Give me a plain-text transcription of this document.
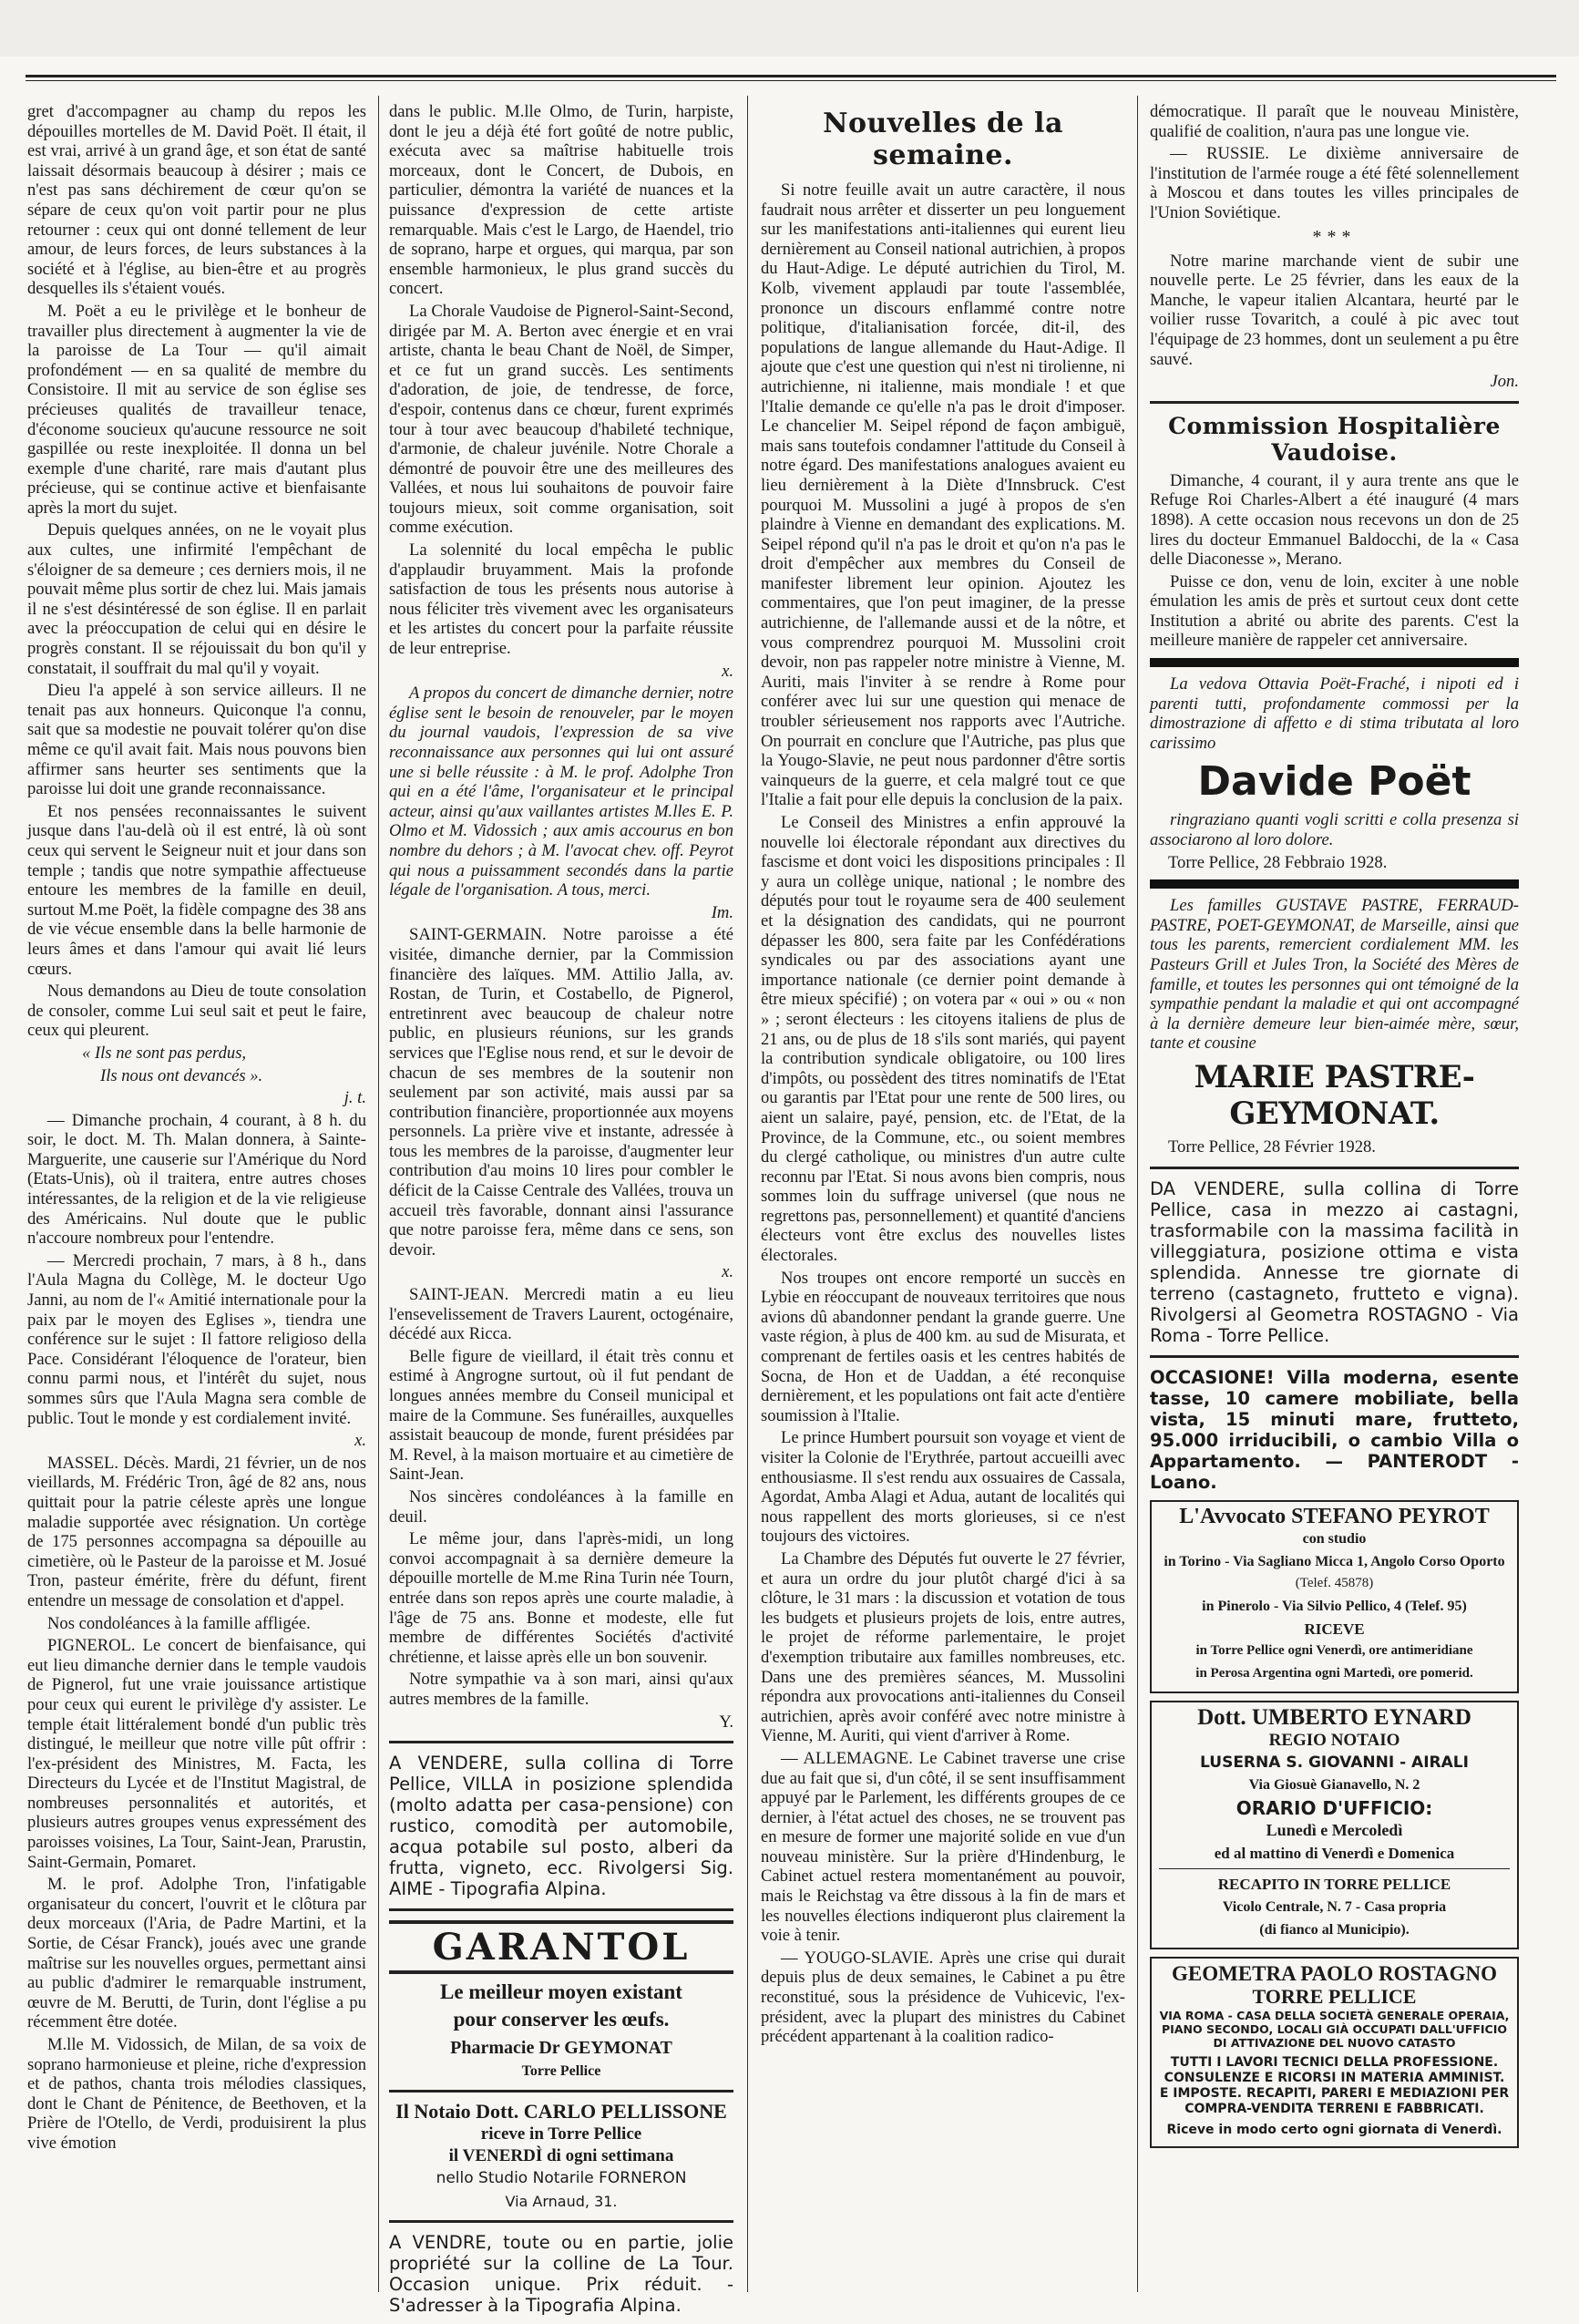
gret d'accompagner au champ du repos les dépouilles mortelles de M. David Poët. Il était, il est vrai, arrivé à un grand âge, et son état de santé laissait désormais beaucoup à désirer ; mais ce n'est pas sans déchirement de cœur qu'on se sépare de ceux qu'on voit partir pour ne plus retourner : ceux qui ont donné tellement de leur amour, de leurs forces, de leurs substances à la société et à l'église, au bien-être et au progrès desquelles ils s'étaient voués.

M. Poët a eu le privilège et le bonheur de travailler plus directement à augmenter la vie de la paroisse de La Tour — qu'il aimait profondément — en sa qualité de membre du Consistoire. Il mit au service de son église ses précieuses qualités de travailleur tenace, d'économe soucieux qu'aucune ressource ne soit gaspillée ou reste inexploitée. Il donna un bel exemple d'une charité, rare mais d'autant plus précieuse, qui se continue active et bienfaisante après la mort du sujet.

Depuis quelques années, on ne le voyait plus aux cultes, une infirmité l'empêchant de s'éloigner de sa demeure ; ces derniers mois, il ne pouvait même plus sortir de chez lui. Mais jamais il ne s'est désintéressé de son église. Il en parlait avec la préoccupation de celui qui en désire le progrès constant. Il se réjouissait du bon qu'il y constatait, il souffrait du mal qu'il y voyait.

Dieu l'a appelé à son service ailleurs. Il ne tenait pas aux honneurs. Quiconque l'a connu, sait que sa modestie ne pouvait tolérer qu'on dise même ce qu'il avait fait. Mais nous pouvons bien affirmer sans heurter ses sentiments que la paroisse lui doit une grande reconnaissance.

Et nos pensées reconnaissantes le suivent jusque dans l'au-delà où il est entré, là où sont ceux qui servent le Seigneur nuit et jour dans son temple ; tandis que notre sympathie affectueuse entoure les membres de la famille en deuil, surtout M.me Poët, la fidèle compagne des 38 ans de vie vécue ensemble dans la belle harmonie de leurs âmes et dans l'amour qui avait lié leurs cœurs.

Nous demandons au Dieu de toute consolation de consoler, comme Lui seul sait et peut le faire, ceux qui pleurent.

« Ils ne sont pas perdus,

Ils nous ont devancés ».

j. t.

— Dimanche prochain, 4 courant, à 8 h. du soir, le doct. M. Th. Malan donnera, à Sainte-Marguerite, une causerie sur l'Amérique du Nord (Etats-Unis), où il traitera, entre autres choses intéressantes, de la religion et de la vie religieuse des Américains. Nul doute que le public n'accoure nombreux pour l'entendre.

— Mercredi prochain, 7 mars, à 8 h., dans l'Aula Magna du Collège, M. le docteur Ugo Janni, au nom de l'« Amitié internationale pour la paix par le moyen des Eglises », tiendra une conférence sur le sujet : Il fattore religioso della Pace. Considérant l'éloquence de l'orateur, bien connu parmi nous, et l'intérêt du sujet, nous sommes sûrs que l'Aula Magna sera comble de public. Tout le monde y est cordialement invité.

x.

MASSEL. Décès. Mardi, 21 février, un de nos vieillards, M. Frédéric Tron, âgé de 82 ans, nous quittait pour la patrie céleste après une longue maladie supportée avec résignation. Un cortège de 175 personnes accompagna sa dépouille au cimetière, où le Pasteur de la paroisse et M. Josué Tron, pasteur émérite, frère du défunt, firent entendre un message de consolation et d'appel.

Nos condoléances à la famille affligée.

PIGNEROL. Le concert de bienfaisance, qui eut lieu dimanche dernier dans le temple vaudois de Pignerol, fut une vraie jouissance artistique pour ceux qui eurent le privilège d'y assister. Le temple était littéralement bondé d'un public très distingué, le meilleur que notre ville pût offrir : l'ex-président des Ministres, M. Facta, les Directeurs du Lycée et de l'Institut Magistral, de nombreuses personnalités et autorités, et plusieurs autres groupes venus expressément des paroisses voisines, La Tour, Saint-Jean, Prarustin, Saint-Germain, Pomaret.

M. le prof. Adolphe Tron, l'infatigable organisateur du concert, l'ouvrit et le clôtura par deux morceaux (l'Aria, de Padre Martini, et la Sortie, de César Franck), joués avec une grande maîtrise sur les nouvelles orgues, permettant ainsi au public d'admirer le remarquable instrument, œuvre de M. Berutti, de Turin, dont l'église a pu récemment être dotée.

M.lle M. Vidossich, de Milan, de sa voix de soprano harmonieuse et pleine, riche d'expression et de pathos, chanta trois mélodies classiques, dont le Chant de Pénitence, de Beethoven, et la Prière de l'Otello, de Verdi, produisirent la plus vive émotion

dans le public. M.lle Olmo, de Turin, harpiste, dont le jeu a déjà été fort goûté de notre public, exécuta avec sa maîtrise habituelle trois morceaux, dont le Concert, de Dubois, en particulier, démontra la variété de nuances et la puissance d'expression de cette artiste remarquable. Mais c'est le Largo, de Haendel, trio de soprano, harpe et orgues, qui marqua, par son ensemble harmonieux, le plus grand succès du concert.

La Chorale Vaudoise de Pignerol-Saint-Second, dirigée par M. A. Berton avec énergie et en vrai artiste, chanta le beau Chant de Noël, de Simper, et ce fut un grand succès. Les sentiments d'adoration, de joie, de tendresse, de force, d'espoir, contenus dans ce chœur, furent exprimés tour à tour avec beaucoup d'habileté technique, d'armonie, de chaleur juvénile. Notre Chorale a démontré de pouvoir être une des meilleures des Vallées, et nous lui souhaitons de pouvoir faire toujours mieux, soit comme organisation, soit comme exécution.

La solennité du local empêcha le public d'applaudir bruyamment. Mais la profonde satisfaction de tous les présents nous autorise à nous féliciter très vivement avec les organisateurs et les artistes du concert pour la parfaite réussite de leur entreprise.

x.

A propos du concert de dimanche dernier, notre église sent le besoin de renouveler, par le moyen du journal vaudois, l'expression de sa vive reconnaissance aux personnes qui lui ont assuré une si belle réussite : à M. le prof. Adolphe Tron qui en a été l'âme, l'organisateur et le principal acteur, ainsi qu'aux vaillantes artistes M.lles E. P. Olmo et M. Vidossich ; aux amis accourus en bon nombre du dehors ; à M. l'avocat chev. off. Peyrot qui nous a puissamment secondés dans la partie légale de l'organisation. A tous, merci.

Im.

SAINT-GERMAIN. Notre paroisse a été visitée, dimanche dernier, par la Commission financière des laïques. MM. Attilio Jalla, av. Rostan, de Turin, et Costabello, de Pignerol, entretinrent avec beaucoup de chaleur notre public, en plusieurs réunions, sur les grands services que l'Eglise nous rend, et sur le devoir de chacun de ses membres de la soutenir non seulement par son activité, mais aussi par sa contribution financière, proportionnée aux moyens personnels. La prière vive et instante, adressée à tous les membres de la paroisse, d'augmenter leur contribution d'au moins 10 lires pour combler le déficit de la Caisse Centrale des Vallées, trouva un accueil très favorable, donnant ainsi l'assurance que notre paroisse fera, même dans ce sens, son devoir.

x.

SAINT-JEAN. Mercredi matin a eu lieu l'ensevelissement de Travers Laurent, octogénaire, décédé aux Ricca.

Belle figure de vieillard, il était très connu et estimé à Angrogne surtout, où il fut pendant de longues années membre du Conseil municipal et maire de la Commune. Ses funérailles, auxquelles assistait beaucoup de monde, furent présidées par M. Revel, à la maison mortuaire et au cimetière de Saint-Jean.

Nos sincères condoléances à la famille en deuil.

Le même jour, dans l'après-midi, un long convoi accompagnait à sa dernière demeure la dépouille mortelle de M.me Rina Turin née Tourn, entrée dans son repos après une courte maladie, à l'âge de 75 ans. Bonne et modeste, elle fut membre de différentes Sociétés d'activité chrétienne, et laisse après elle un bon souvenir.

Notre sympathie va à son mari, ainsi qu'aux autres membres de la famille.

Y.

A VENDERE, sulla collina di Torre Pellice, VILLA in posizione splendida (molto adatta per casa-pensione) con rustico, comodità per automobile, acqua potabile sul posto, alberi da frutta, vigneto, ecc. Rivolgersi Sig. AIME - Tipografia Alpina.

GARANTOL

Le meilleur moyen existant

pour conserver les œufs.

Pharmacie Dr GEYMONAT

Torre Pellice

Il Notaio Dott. CARLO PELLISSONE

riceve in Torre Pellice

il VENERDÌ di ogni settimana

nello Studio Notarile FORNERON

Via Arnaud, 31.

A VENDRE, toute ou en partie, jolie propriété sur la colline de La Tour. Occasion unique. Prix réduit. - S'adresser à la Tipografia Alpina.

Nouvelles de la semaine.

Si notre feuille avait un autre caractère, il nous faudrait nous arrêter et disserter un peu longuement sur les manifestations anti-italiennes qui eurent lieu dernièrement au Conseil national autrichien, à propos du Haut-Adige. Le député autrichien du Tirol, M. Kolb, vivement applaudi par toute l'assemblée, prononce un discours enflammé contre notre politique, d'italianisation forcée, dit-il, des populations de langue allemande du Haut-Adige. Il ajoute que c'est une question qui n'est ni tirolienne, ni autrichienne, ni italienne, mais mondiale ! et que l'Italie demande ce qu'elle n'a pas le droit d'imposer. Le chancelier M. Seipel répond de façon ambiguë, mais sans toutefois condamner l'attitude du Conseil à notre égard. Des manifestations analogues avaient eu lieu dernièrement à la Diète d'Innsbruck. C'est pourquoi M. Mussolini a jugé à propos de s'en plaindre à Vienne en demandant des explications. M. Seipel répond qu'il n'a pas le droit et qu'on n'a pas le droit d'empêcher aux membres du Conseil de manifester librement leur opinion. Ajoutez les commentaires, que l'on peut imaginer, de la presse autrichienne, de l'allemande aussi et de la nôtre, et vous comprendrez pourquoi M. Mussolini croit devoir, non pas rappeler notre ministre à Vienne, M. Auriti, mais l'inviter à se rendre à Rome pour conférer avec lui sur une question qui menace de troubler sérieusement nos rapports avec l'Autriche. On pourrait en conclure que l'Autriche, pas plus que la Yougo-Slavie, ne peut nous pardonner d'être sortis vainqueurs de la guerre, et cela malgré tout ce que l'Italie a fait pour elle depuis la conclusion de la paix.

Le Conseil des Ministres a enfin approuvé la nouvelle loi électorale répondant aux directives du fascisme et dont voici les dispositions principales : Il y aura un collège unique, national ; le nombre des députés pour tout le royaume sera de 400 seulement et la désignation des candidats, qui ne pourront dépasser les 800, sera faite par les Confédérations syndicales ou par des associations ayant une importance nationale (ce dernier point demande à être mieux spécifié) ; on votera par « oui » ou « non » ; seront électeurs : les citoyens italiens de plus de 21 ans, ou de plus de 18 s'ils sont mariés, qui payent la contribution syndicale obligatoire, ou 100 lires d'impôts, ou possèdent des titres nominatifs de l'Etat ou garantis par l'Etat pour une rente de 500 lires, ou aient un salaire, payé, pension, etc. de l'Etat, de la Province, de la Commune, etc., ou soient membres du clergé catholique, ou ministres d'un autre culte reconnu par l'Etat. Si nous avons bien compris, nous sommes loin du suffrage universel (que nous ne regrettons pas, personnellement) et quantité d'anciens électeurs vont être exclus des nouvelles listes électorales.

Nos troupes ont encore remporté un succès en Lybie en réoccupant de nouveaux territoires que nous avions dû abandonner pendant la grande guerre. Une vaste région, à plus de 400 km. au sud de Misurata, et comprenant de fertiles oasis et les centres habités de Socna, de Hon et de Uaddan, a été reconquise dernièrement, et les populations ont fait acte d'entière soumission à l'Italie.

Le prince Humbert poursuit son voyage et vient de visiter la Colonie de l'Erythrée, partout accueilli avec enthousiasme. Il s'est rendu aux ossuaires de Cassala, Agordat, Amba Alagi et Adua, autant de localités qui nous rappellent des morts glorieuses, si ce n'est toujours des victoires.

La Chambre des Députés fut ouverte le 27 février, et aura un ordre du jour plutôt chargé d'ici à sa clôture, le 31 mars : la discussion et votation de tous les budgets et plusieurs projets de lois, entre autres, le projet de réforme parlementaire, le projet d'exemption tributaire aux familles nombreuses, etc. Dans une des premières séances, M. Mussolini répondra aux provocations anti-italiennes du Conseil autrichien, après avoir conféré avec notre ministre à Vienne, M. Auriti, qui vient d'arriver à Rome.

— ALLEMAGNE. Le Cabinet traverse une crise due au fait que si, d'un côté, il se sent insuffisamment appuyé par le Parlement, les différents groupes de ce dernier, à l'état actuel des choses, ne se trouvent pas en mesure de former une majorité solide en vue d'un nouveau ministère. Sur la prière d'Hindenburg, le Cabinet actuel restera momentanément au pouvoir, mais le Reichstag va être dissous à la fin de mars et les nouvelles élections indiqueront plus clairement la voie à tenir.

— YOUGO-SLAVIE. Après une crise qui durait depuis plus de deux semaines, le Cabinet a pu être reconstitué, sous la présidence de Vuhicevic, l'ex-président, avec la plupart des ministres du Cabinet précédent appartenant à la coalition radico-

démocratique. Il paraît que le nouveau Ministère, qualifié de coalition, n'aura pas une longue vie.

— RUSSIE. Le dixième anniversaire de l'institution de l'armée rouge a été fêté solennellement à Moscou et dans toutes les villes principales de l'Union Soviétique.

***

Notre marine marchande vient de subir une nouvelle perte. Le 25 février, dans les eaux de la Manche, le vapeur italien Alcantara, heurté par le voilier russe Tovaritch, a coulé à pic avec tout l'équipage de 23 hommes, dont un seulement a pu être sauvé.

Jon.

Commission Hospitalière Vaudoise.

Dimanche, 4 courant, il y aura trente ans que le Refuge Roi Charles-Albert a été inauguré (4 mars 1898). A cette occasion nous recevons un don de 25 lires du docteur Emmanuel Baldocchi, de la « Casa delle Diaconesse », Merano.

Puisse ce don, venu de loin, exciter à une noble émulation les amis de près et surtout ceux dont cette Institution a abrité ou abrite des parents. C'est la meilleure manière de rappeler cet anniversaire.

La vedova Ottavia Poët-Fraché, i nipoti ed i parenti tutti, profondamente commossi per la dimostrazione di affetto e di stima tributata al loro carissimo

Davide Poët

ringraziano quanti vogli scritti e colla presenza si associarono al loro dolore.

Torre Pellice, 28 Febbraio 1928.

Les familles GUSTAVE PASTRE, FERRAUD-PASTRE, POET-GEYMONAT, de Marseille, ainsi que tous les parents, remercient cordialement MM. les Pasteurs Grill et Jules Tron, la Société des Mères de famille, et toutes les personnes qui ont témoigné de la sympathie pendant la maladie et qui ont accompagné à la dernière demeure leur bien-aimée mère, sœur, tante et cousine

MARIE PASTRE-GEYMONAT.

Torre Pellice, 28 Février 1928.

DA VENDERE, sulla collina di Torre Pellice, casa in mezzo ai castagni, trasformabile con la massima facilità in villeggiatura, posizione ottima e vista splendida. Annesse tre giornate di terreno (castagneto, frutteto e vigna). Rivolgersi al Geometra ROSTAGNO - Via Roma - Torre Pellice.

OCCASIONE! Villa moderna, esente tasse, 10 camere mobiliate, bella vista, 15 minuti mare, frutteto, 95.000 irriducibili, o cambio Villa o Appartamento. — PANTERODT - Loano.

L'Avvocato STEFANO PEYROT

con studio

in Torino - Via Sagliano Micca 1, Angolo Corso Oporto

(Telef. 45878)

in Pinerolo - Via Silvio Pellico, 4 (Telef. 95)

RICEVE

in Torre Pellice ogni Venerdì, ore antimeridiane

in Perosa Argentina ogni Martedì, ore pomerid.

Dott. UMBERTO EYNARD

REGIO NOTAIO

LUSERNA S. GIOVANNI - AIRALI

Via Giosuè Gianavello, N. 2

ORARIO D'UFFICIO:

Lunedì e Mercoledì

ed al mattino di Venerdì e Domenica

RECAPITO IN TORRE PELLICE

Vicolo Centrale, N. 7 - Casa propria

(di fianco al Municipio).

GEOMETRA PAOLO ROSTAGNO

TORRE PELLICE

VIA ROMA - CASA DELLA SOCIETÀ GENERALE OPERAIA, PIANO SECONDO, LOCALI GIÀ OCCUPATI DALL'UFFICIO DI ATTIVAZIONE DEL NUOVO CATASTO

TUTTI I LAVORI TECNICI DELLA PROFESSIONE. CONSULENZE E RICORSI IN MATERIA AMMINIST. E IMPOSTE. RECAPITI, PARERI E MEDIAZIONI PER COMPRA-VENDITA TERRENI E FABBRICATI.

Riceve in modo certo ogni giornata di Venerdì.
